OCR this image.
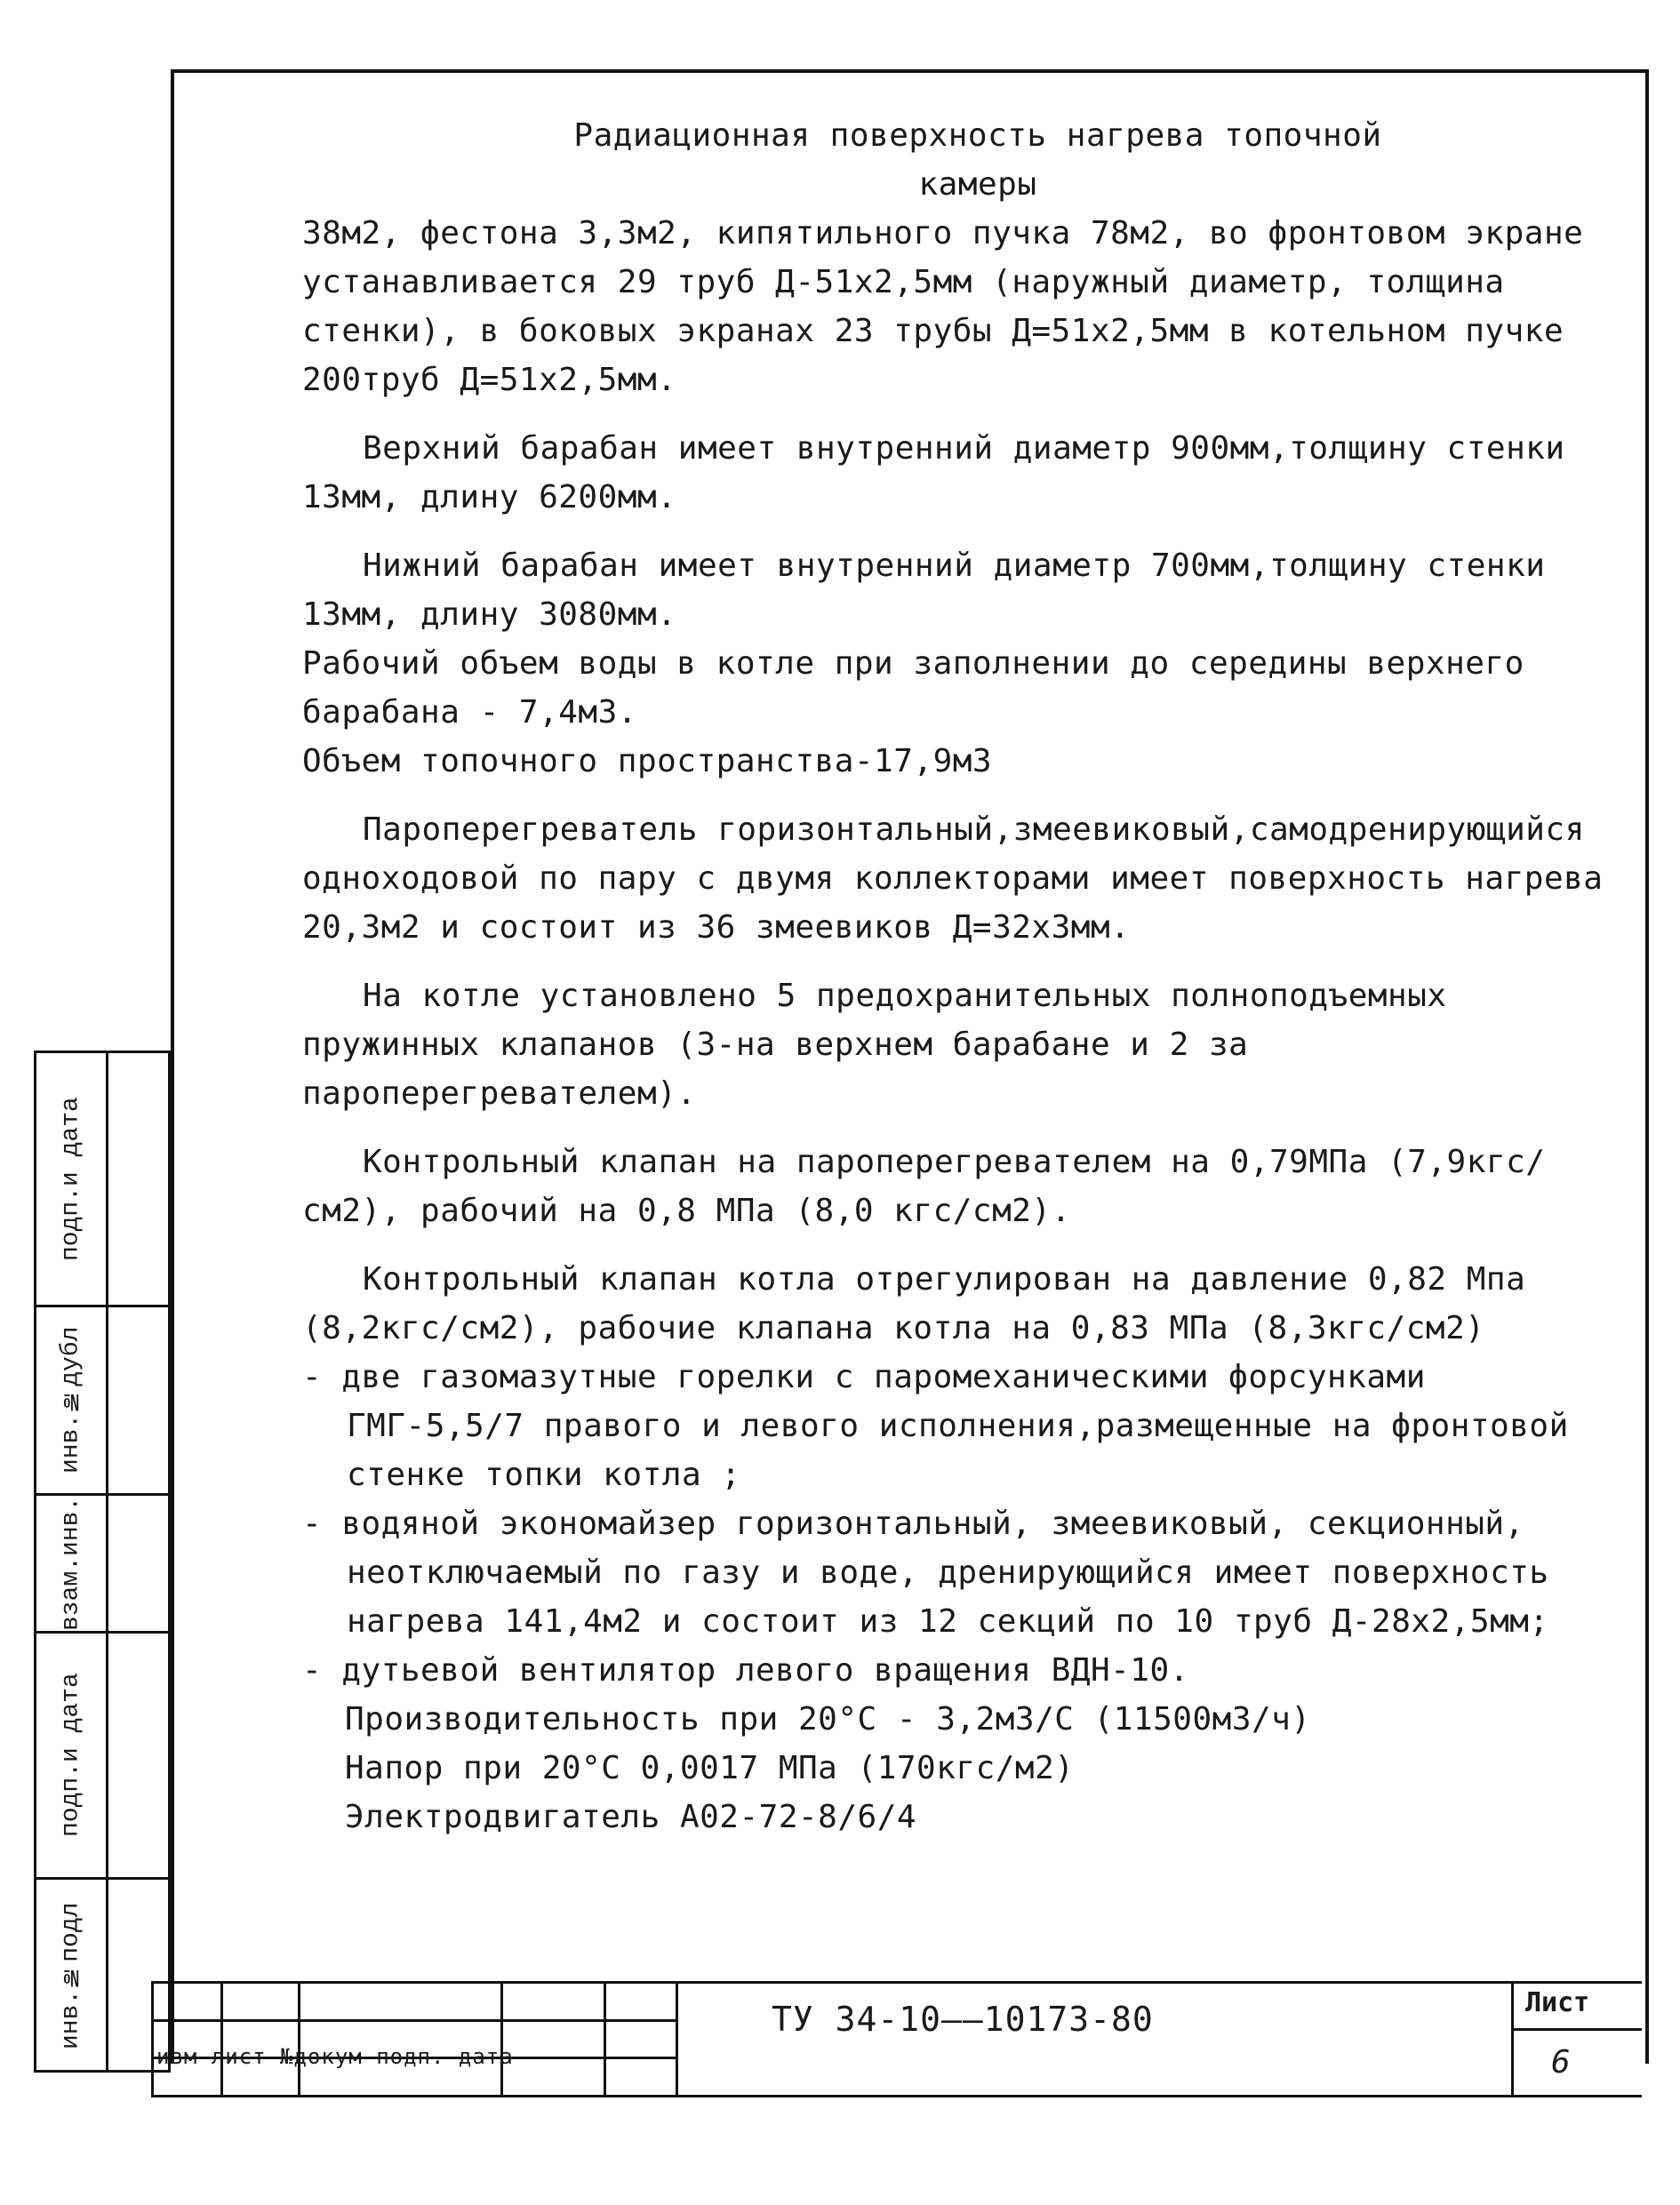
Радиационная поверхность нагрева топочной

камеры

38м2, фестона 3,3м2, кипятильного пучка 78м2, во фронтовом экране устанавливается 29 труб Д-51х2,5мм (наружный диаметр, толщина стенки), в боковых экранах 23 трубы Д=51х2,5мм в котельном пучке 200труб Д=51х2,5мм.

Верхний барабан имеет внутренний диаметр 900мм,толщину стенки 13мм, длину 6200мм.

Нижний барабан имеет внутренний диаметр 700мм,толщину стенки 13мм, длину 3080мм.

Рабочий объем воды в котле при заполнении до середины верхнего барабана - 7,4м3.

Объем топочного пространства-17,9м3

Пароперегреватель горизонтальный,змеевиковый,самодренирующийся одноходовой по пару с двумя коллекторами имеет поверхность нагрева 20,3м2 и состоит из 36 змеевиков Д=32х3мм.

На котле установлено 5 предохранительных полноподъемных пружинных клапанов (3-на верхнем барабане и 2 за пароперегревателем).

Контрольный клапан на пароперегревателем на 0,79МПа (7,9кгс/см2), рабочий на 0,8 МПа (8,0 кгс/см2).

Контрольный клапан котла отрегулирован на давление 0,82 Мпа (8,2кгс/см2), рабочие клапана котла на 0,83 МПа (8,3кгс/см2)

- две газомазутные горелки с паромеханическими форсунками ГМГ-5,5/7 правого и левого исполнения,размещенные на фронтовой стенке топки котла ;

- водяной экономайзер горизонтальный, змеевиковый, секционный, неотключаемый по газу и воде, дренирующийся имеет поверхность нагрева 141,4м2 и состоит из 12 секций по 10 труб Д-28х2,5мм;

- дутьевой вентилятор левого вращения ВДН-10.

Производительность при 20°С - 3,2м3/С (11500м3/ч)

Напор при 20°С 0,0017 МПа (170кгс/м2)

Электродвигатель А02-72-8/6/4

инв.№подл
подп.и дата
взам.инв.
инв.№дубл
подп.и дата
изм лист №докум подп. дата
ТУ 34-10——10173-80	Лист
6
